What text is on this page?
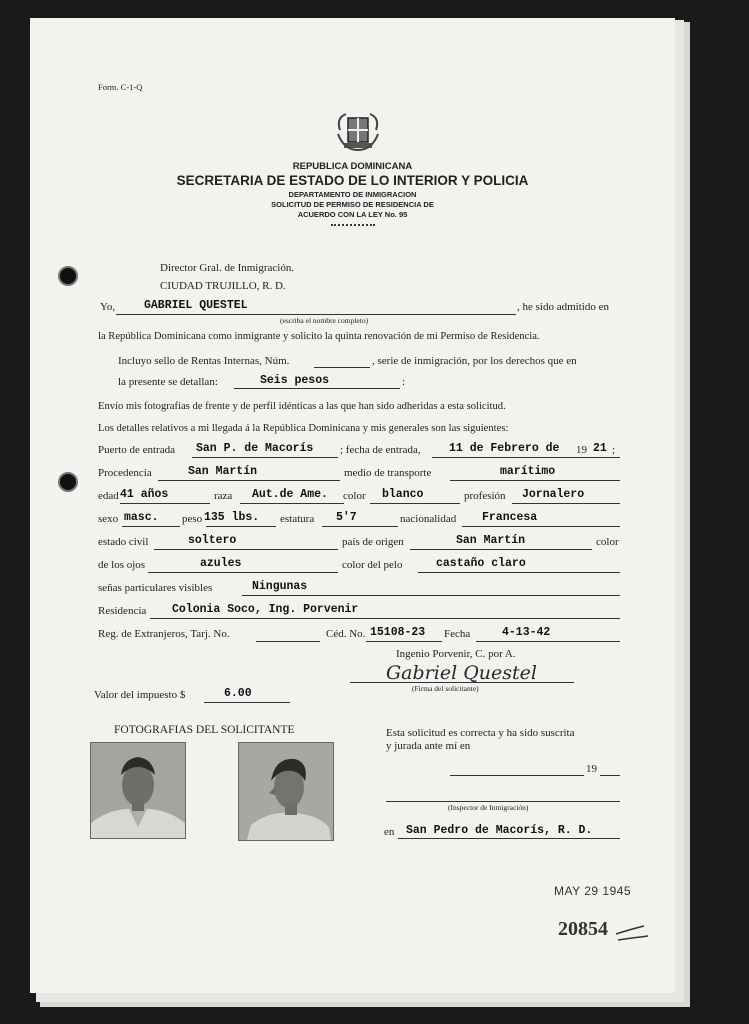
Form. C-1-Q
REPUBLICA DOMINICANA
SECRETARIA DE ESTADO DE LO INTERIOR Y POLICIA
DEPARTAMENTO DE INMIGRACION
SOLICITUD DE PERMISO DE RESIDENCIA DE
ACUERDO CON LA LEY No. 95
Director Gral. de Inmigración.
CIUDAD TRUJILLO, R. D.
Yo,	GABRIEL QUESTEL	, he sido admitido en
(escriba el nombre completo)
la República Dominicana como inmigrante y solicito la quinta renovación de mi Permiso de Residencia.
Incluyo sello de Rentas Internas, Núm.	, serie de inmigración, por los derechos que en
la presente se detallan:	Seis pesos	:
Envío mis fotografías de frente y de perfil idénticas a las que han sido adheridas a esta solicitud.
Los detalles relativos a mi llegada á la República Dominicana y mis generales son las siguientes:
Puerto de entrada San P. de Macorís ; fecha de entrada, 11 de Febrero de 19 21 ;
Procedencia	San Martín	medio de transporte	marítimo
edad 41 años	raza Aut.de Ame. color blanco	profesión Jornalero
sexo masc. peso 135 lbs. estatura 5'7	nacionalidad Francesa
estado civil	soltero	país de origen	San Martín	color
de los ojos	azules	color del pelo	castaño claro
señas particulares visibles	Ningunas
Residencia Colonia Soco, Ing. Porvenir
Reg. de Extranjeros, Tarj. No.	Céd. No. 15108-23 Fecha	4-13-42
Ingenio Porvenir, C. por A.
Gabriel Questel
(Firma del solicitante)
Valor del impuesto $	6.00
FOTOGRAFIAS DEL SOLICITANTE	Esta solicitud es correcta y ha sido suscrita
y jurada ante mí en
19
(Inspector de Inmigración)
en San Pedro de Macorís, R. D.
MAY 29 1945
20854
